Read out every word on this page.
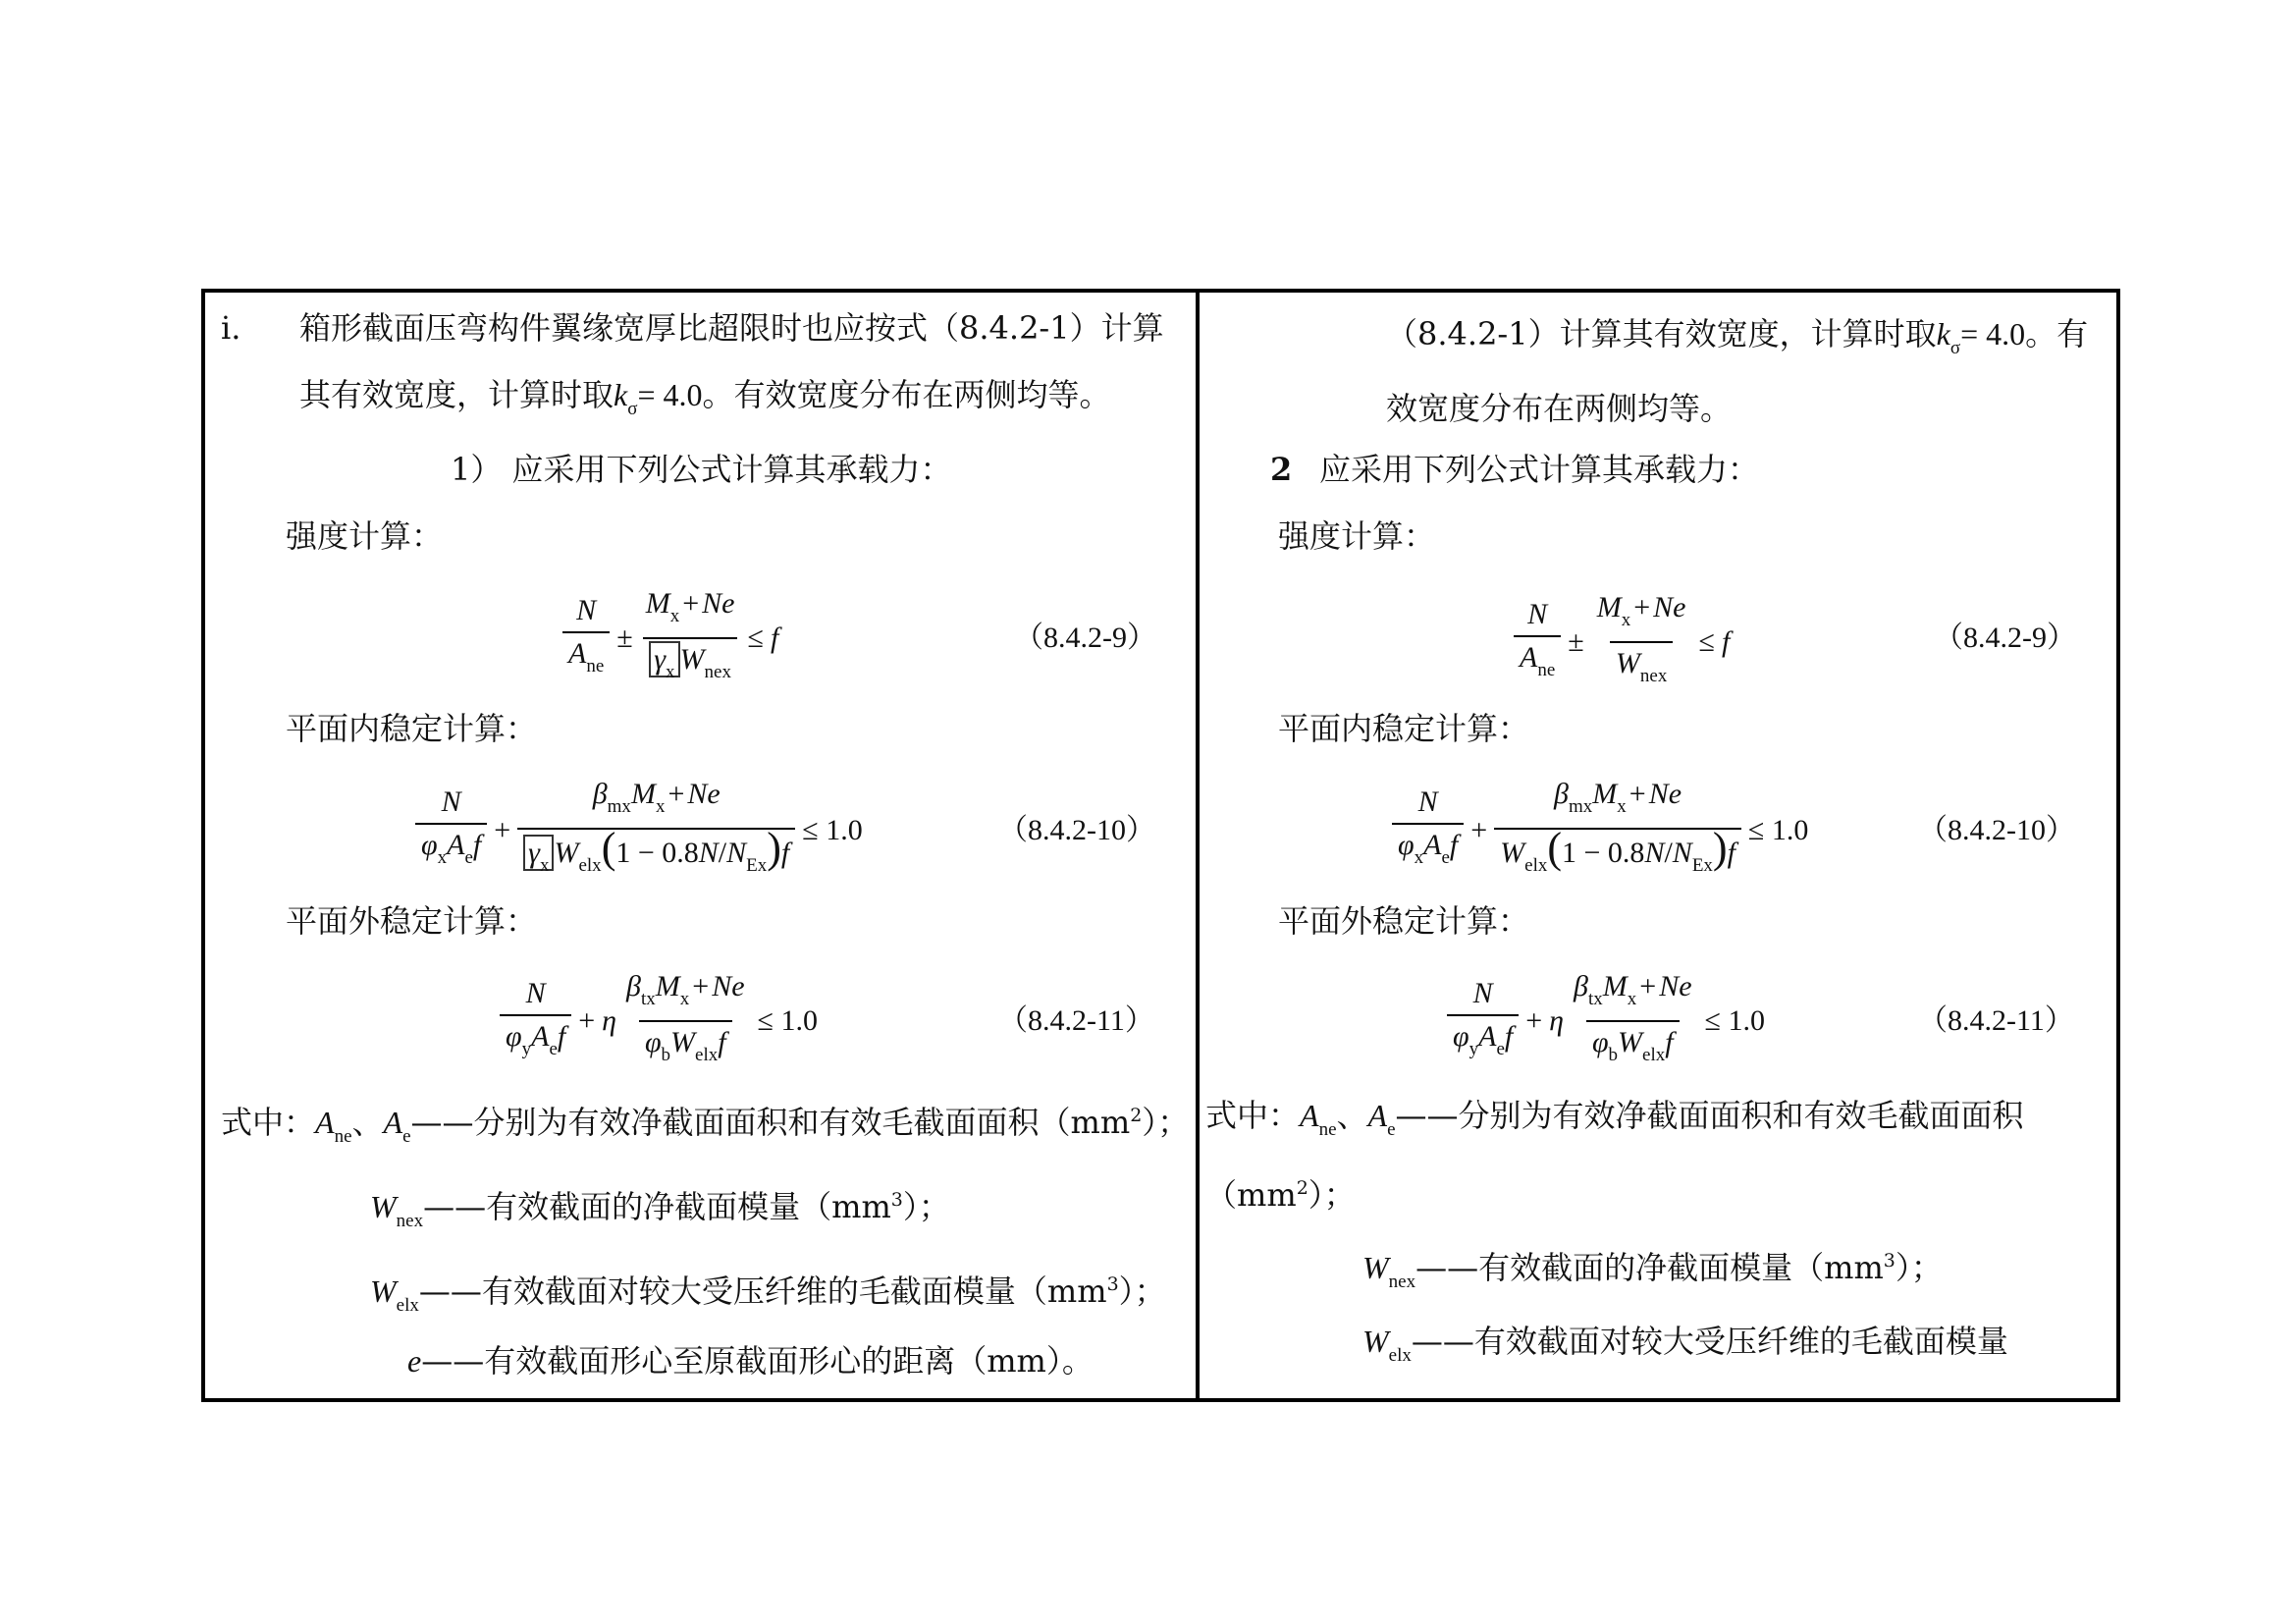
i. 箱形截面压弯构件翼缘宽厚比超限时也应按式（8.4.2-1）计算
其有效宽度，计算时取$k_\sigma= 4.0$。有效宽度分布在两侧均等。
1） 应采用下列公式计算其承载力：
强度计算：
$\frac{N}{A_{ne}} \pm \frac{M_x + Ne}{\gamma_x W_{nex}} \le f$	（8.4.2-9）
平面内稳定计算：
$\frac{N}{\varphi_xA_ef} + \frac{\beta_{mx}M_x + Ne}{\gamma_x W_{elx}(1 - 0.8N/N_{Ex})f} \le 1.0$	（8.4.2-10）
平面外稳定计算：
$\frac{N}{\varphi_yA_ef} + \eta \frac{\beta_{tx}M_x + Ne}{\varphi_bW_{elx}f} \le 1.0$	（8.4.2-11）
式中：$A_{ne}$、$A_e——$分别为有效净截面面积和有效毛截面面积$(mm^2)$；
$W_{nex}——$有效截面的净截面模量$(mm^3)$；
$W_{elx}——$有效截面对较大受压纤维的毛截面模量$(mm^3)$；
e——有效截面形心至原截面形心的距离（mm）。
（8.4.2-1）计算其有效宽度，计算时取$k_\sigma= 4.0$。有
效宽度分布在两侧均等。
2 应采用下列公式计算其承载力：
强度计算：
$\frac{N}{A_{ne}} \pm \frac{M_x + Ne}{W_{nex}} \le f$	（8.4.2-9）
平面内稳定计算：
$\frac{N}{\varphi_xA_ef} + \frac{\beta_{mx}M_x + Ne}{W_{elx}(1 - 0.8N/N_{Ex})f} \le 1.0$	（8.4.2-10）
平面外稳定计算：
$\frac{N}{\varphi_yA_ef} + \eta \frac{\beta_{tx}M_x + Ne}{\varphi_bW_{elx}f} \le 1.0$	（8.4.2-11）
式中：$A_{ne}$、$A_e——$分别为有效净截面面积和有效毛截面面积
$(mm^2)$；
$W_{nex}——$有效截面的净截面模量$(mm^3)$；
$W_{elx}——$有效截面对较大受压纤维的毛截面模量
